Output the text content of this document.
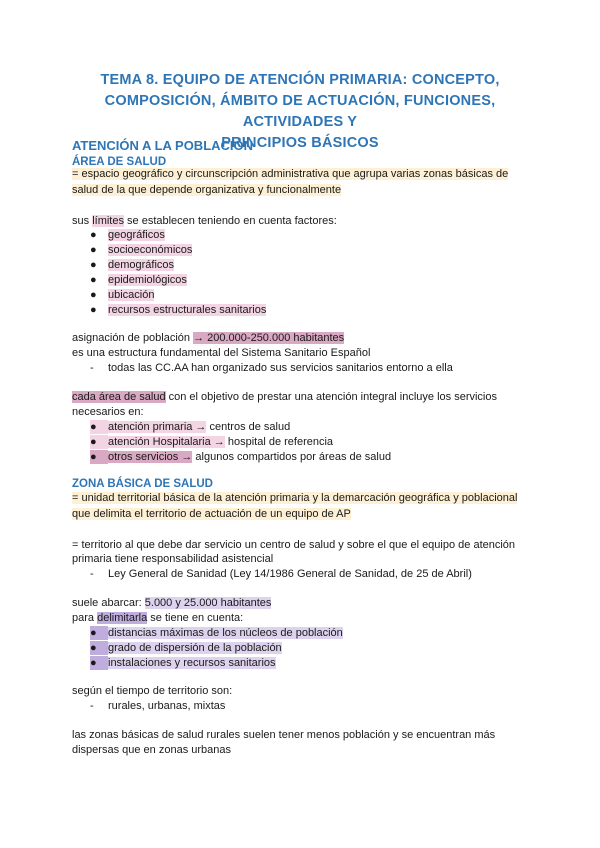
TEMA 8. EQUIPO DE ATENCIÓN PRIMARIA: CONCEPTO,
COMPOSICIÓN, ÁMBITO DE ACTUACIÓN, FUNCIONES, ACTIVIDADES Y
PRINCIPIOS BÁSICOS
ATENCIÓN A LA POBLACIÓN
ÁREA DE SALUD
= espacio geográfico y circunscripción administrativa que agrupa varias zonas básicas de
salud de la que depende organizativa y funcionalmente
sus límites se establecen teniendo en cuenta factores:
● geográficos
● socioeconómicos
● demográficos
● epidemiológicos
● ubicación
● recursos estructurales sanitarios
asignación de población → 200.000-250.000 habitantes
es una estructura fundamental del Sistema Sanitario Español
- todas las CC.AA han organizado sus servicios sanitarios entorno a ella
cada área de salud con el objetivo de prestar una atención integral incluye los servicios
necesarios en:
● atención primaria → centros de salud
● atención Hospitalaria → hospital de referencia
● otros servicios → algunos compartidos por áreas de salud
ZONA BÁSICA DE SALUD
= unidad territorial básica de la atención primaria y la demarcación geográfica y poblacional
que delimita el territorio de actuación de un equipo de AP
= territorio al que debe dar servicio un centro de salud y sobre el que el equipo de atención
primaria tiene responsabilidad asistencial
- Ley General de Sanidad (Ley 14/1986 General de Sanidad, de 25 de Abril)
suele abarcar: 5.000 y 25.000 habitantes
para delimitarla se tiene en cuenta:
● distancias máximas de los núcleos de población
● grado de dispersión de la población
● instalaciones y recursos sanitarios
según el tiempo de territorio son:
- rurales, urbanas, mixtas
las zonas básicas de salud rurales suelen tener menos población y se encuentran más
dispersas que en zonas urbanas
